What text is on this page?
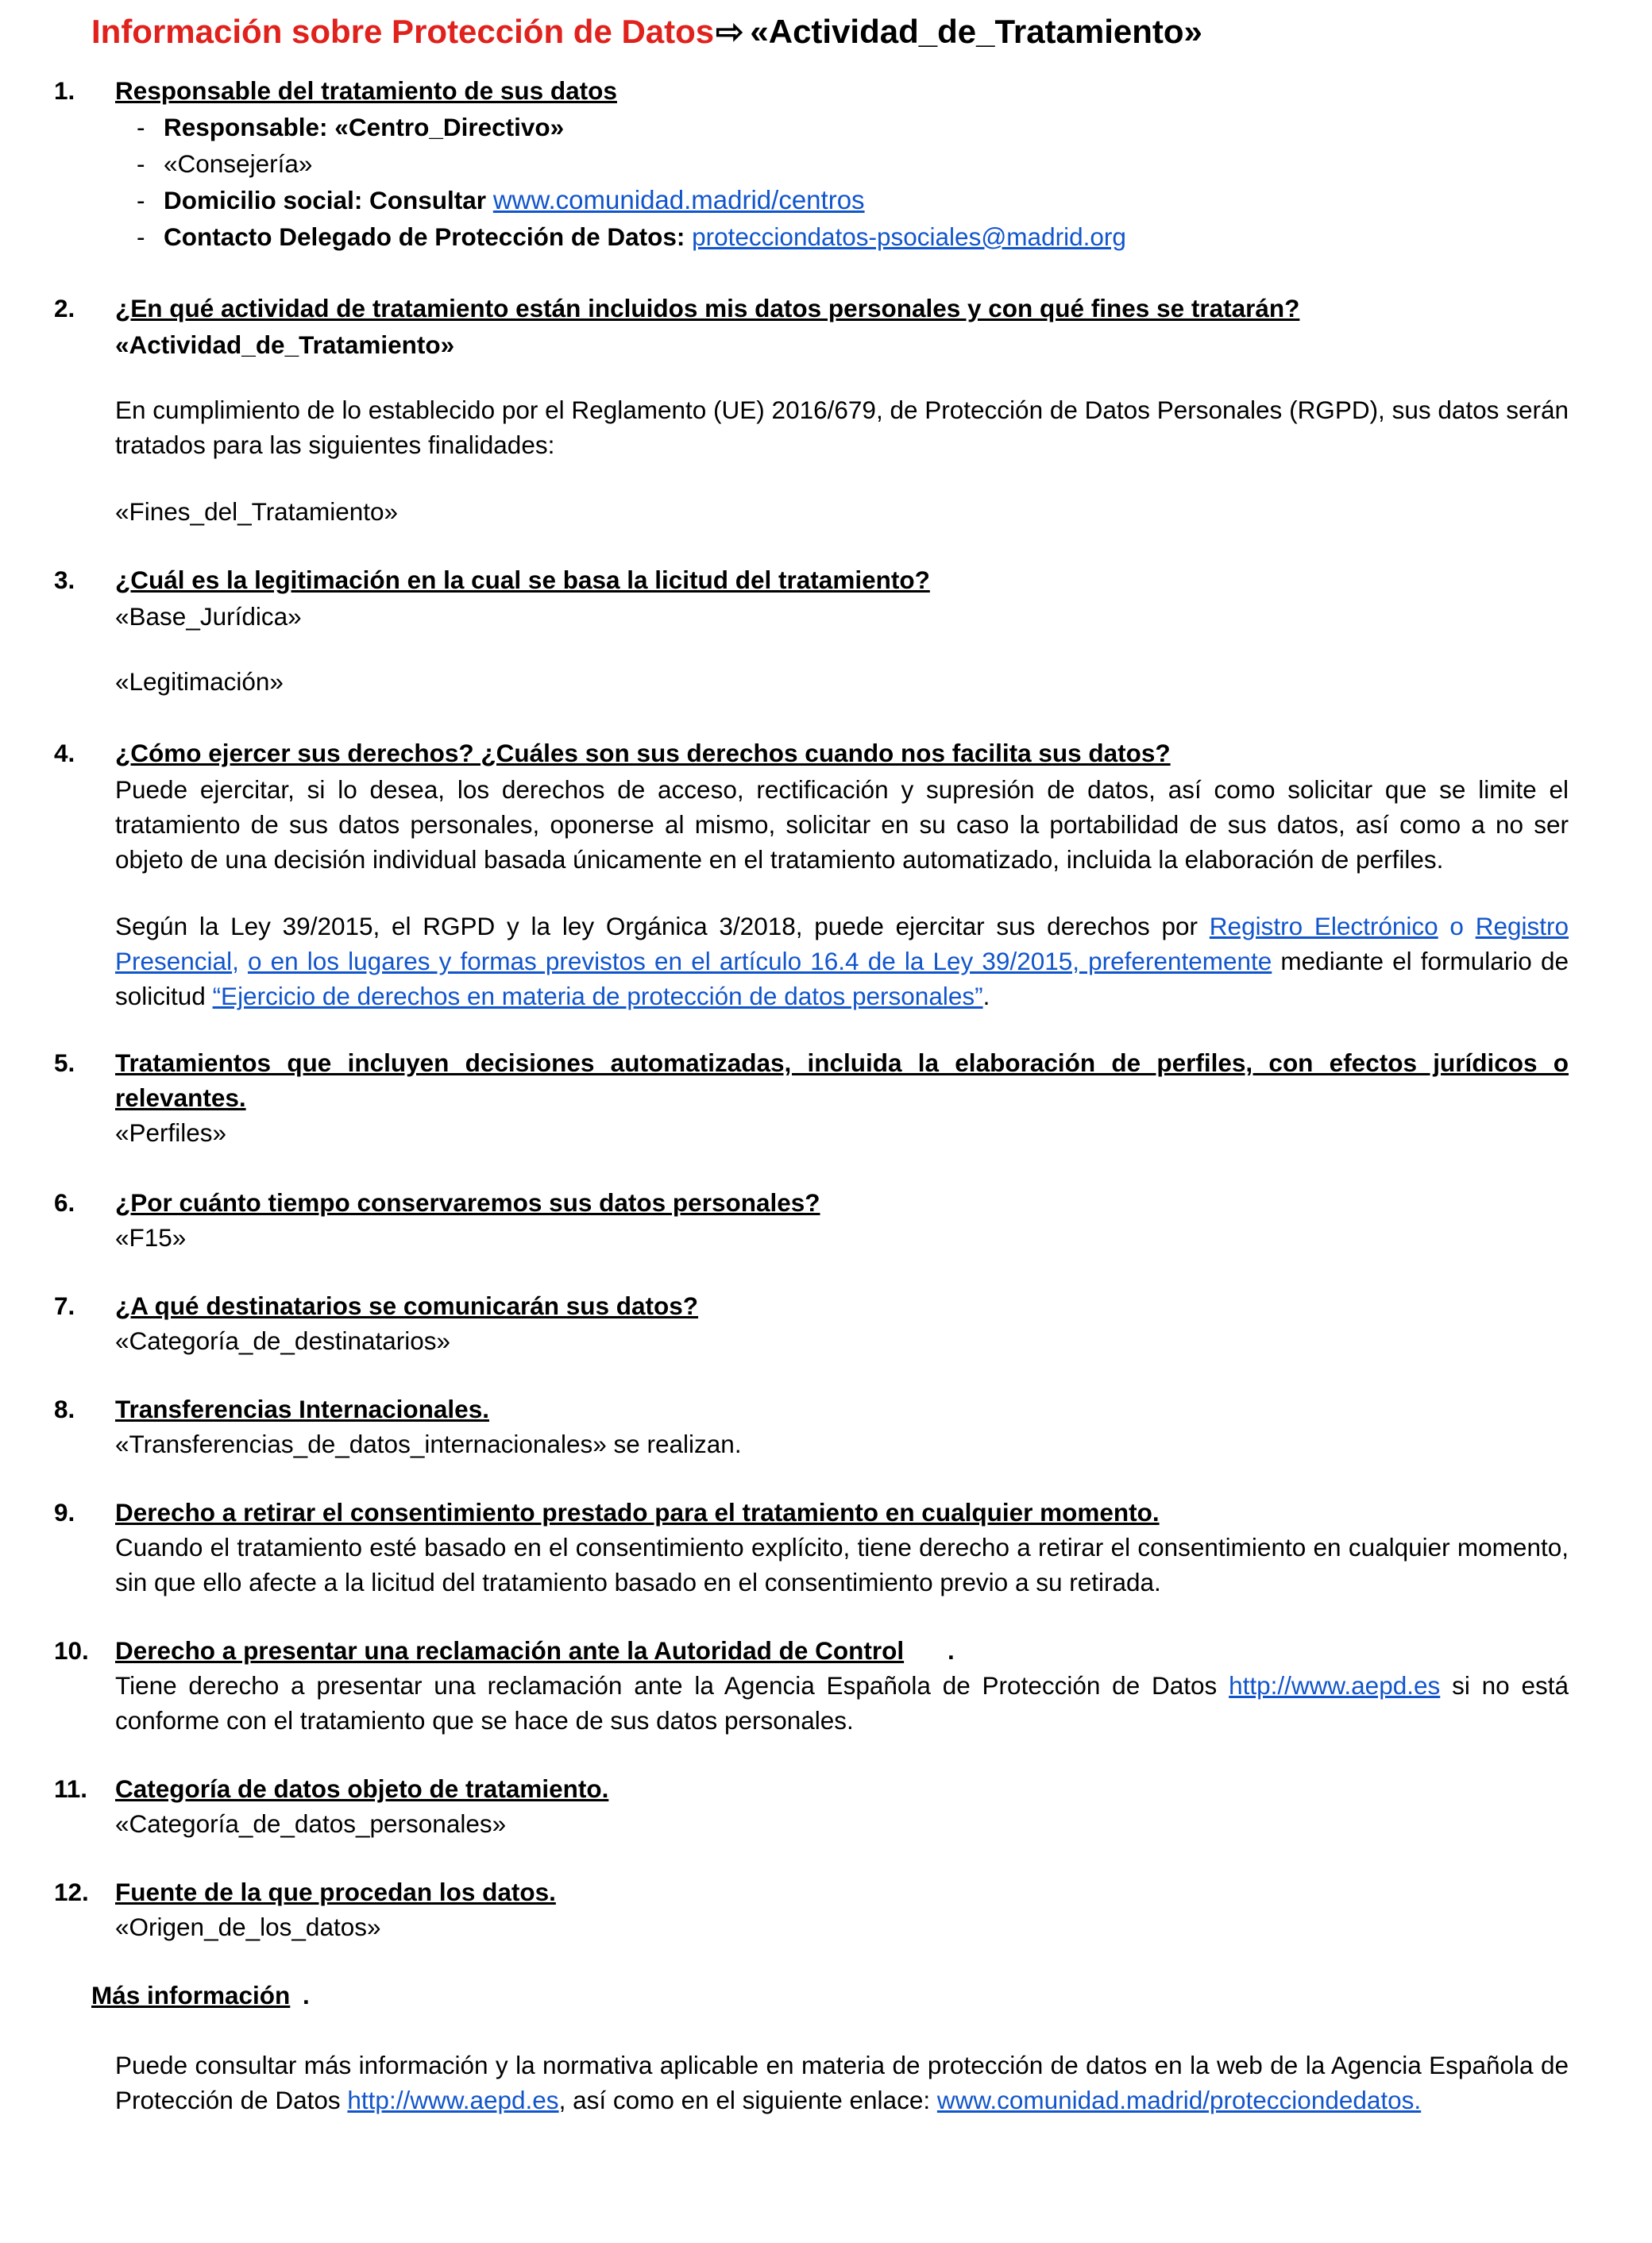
Información sobre Protección de Datos⇨ «Actividad_de_Tratamiento»
1. Responsable del tratamiento de sus datos
- Responsable: «Centro_Directivo»
- «Consejería»
- Domicilio social: Consultar www.comunidad.madrid/centros
- Contacto Delegado de Protección de Datos: protecciondatos-psociales@madrid.org
2. ¿En qué actividad de tratamiento están incluidos mis datos personales y con qué fines se tratarán?
«Actividad_de_Tratamiento»
En cumplimiento de lo establecido por el Reglamento (UE) 2016/679, de Protección de Datos Personales (RGPD), sus datos serán tratados para las siguientes finalidades:
«Fines_del_Tratamiento»
3. ¿Cuál es la legitimación en la cual se basa la licitud del tratamiento?
«Base_Jurídica»
«Legitimación»
4. ¿Cómo ejercer sus derechos? ¿Cuáles son sus derechos cuando nos facilita sus datos?
Puede ejercitar, si lo desea, los derechos de acceso, rectificación y supresión de datos, así como solicitar que se limite el tratamiento de sus datos personales, oponerse al mismo, solicitar en su caso la portabilidad de sus datos, así como a no ser objeto de una decisión individual basada únicamente en el tratamiento automatizado, incluida la elaboración de perfiles.
Según la Ley 39/2015, el RGPD y la ley Orgánica 3/2018, puede ejercitar sus derechos por Registro Electrónico o Registro Presencial, o en los lugares y formas previstos en el artículo 16.4 de la Ley 39/2015, preferentemente mediante el formulario de solicitud “Ejercicio de derechos en materia de protección de datos personales”.
5. Tratamientos que incluyen decisiones automatizadas, incluida la elaboración de perfiles, con efectos jurídicos o relevantes.
«Perfiles»
6. ¿Por cuánto tiempo conservaremos sus datos personales?
«F15»
7. ¿A qué destinatarios se comunicarán sus datos?
«Categoría_de_destinatarios»
8. Transferencias Internacionales.
«Transferencias_de_datos_internacionales» se realizan.
9. Derecho a retirar el consentimiento prestado para el tratamiento en cualquier momento.
Cuando el tratamiento esté basado en el consentimiento explícito, tiene derecho a retirar el consentimiento en cualquier momento, sin que ello afecte a la licitud del tratamiento basado en el consentimiento previo a su retirada.
10. Derecho a presentar una reclamación ante la Autoridad de Control	.
Tiene derecho a presentar una reclamación ante la Agencia Española de Protección de Datos http://www.aepd.es si no está conforme con el tratamiento que se hace de sus datos personales.
11. Categoría de datos objeto de tratamiento.
«Categoría_de_datos_personales»
12. Fuente de la que procedan los datos.
«Origen_de_los_datos»
Más información .
Puede consultar más información y la normativa aplicable en materia de protección de datos en la web de la Agencia Española de Protección de Datos http://www.aepd.es, así como en el siguiente enlace: www.comunidad.madrid/protecciondedatos.
